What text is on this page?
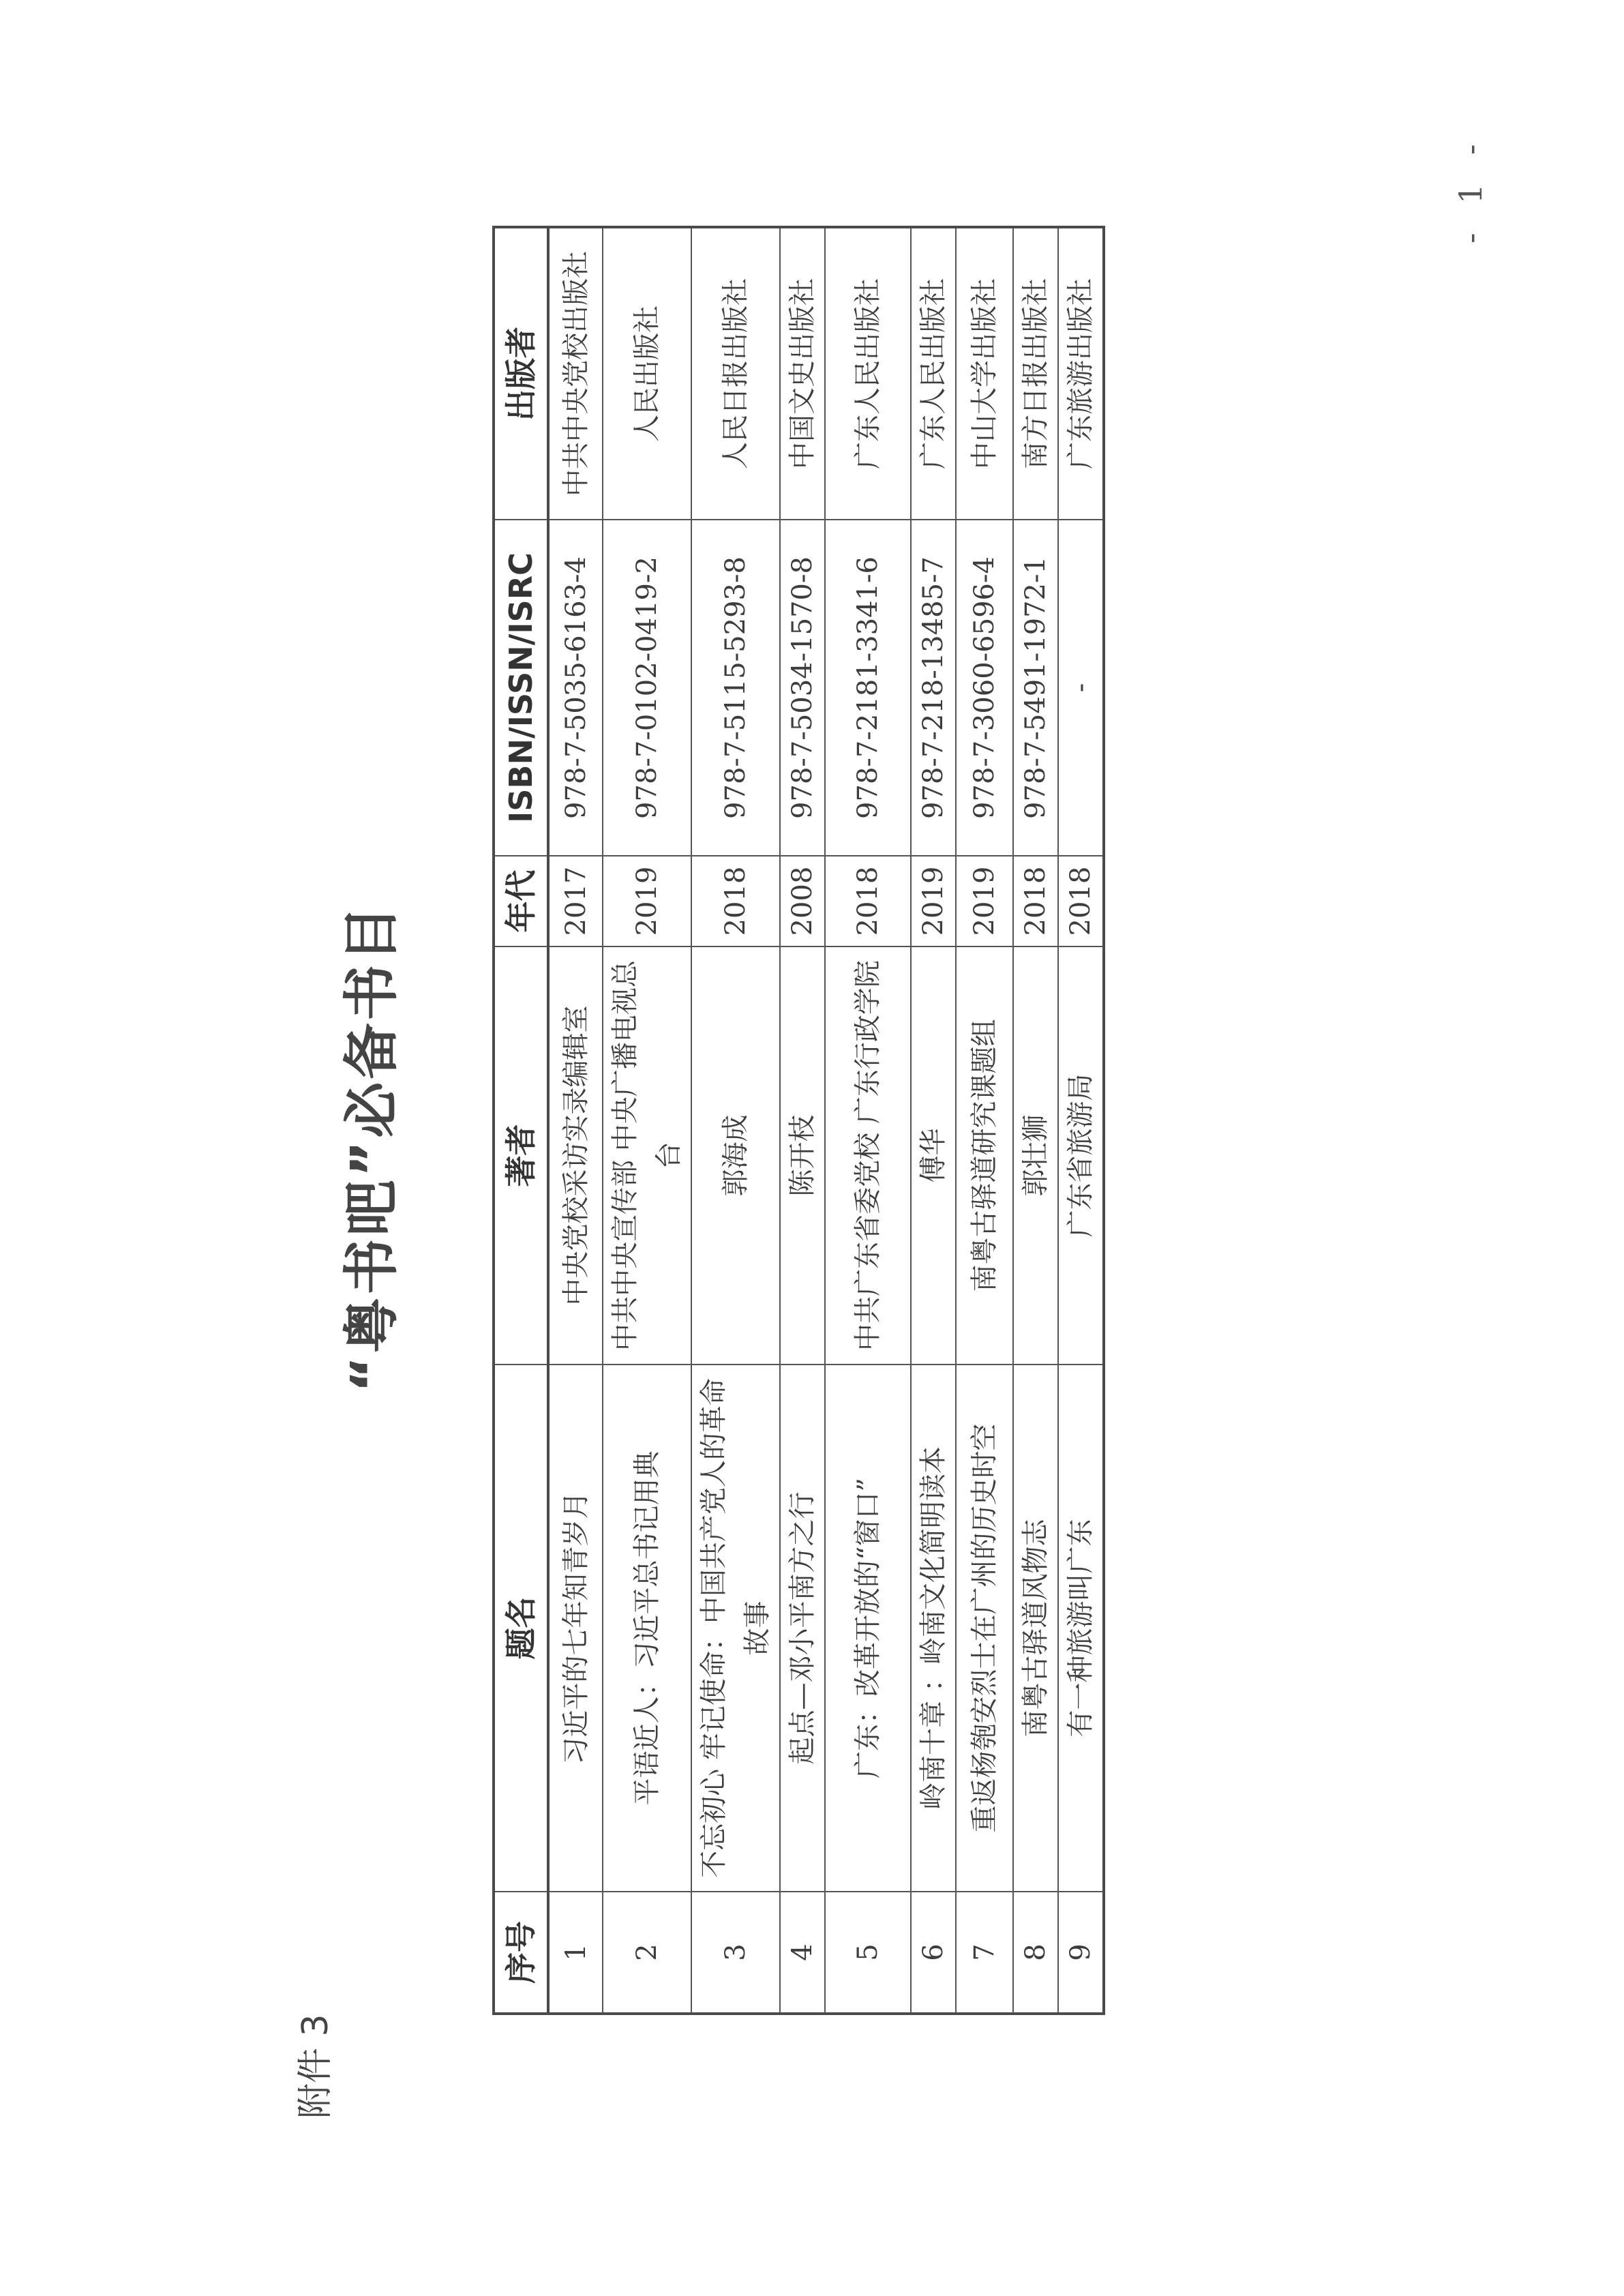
附件 3
“粤书吧”必备书目
序号	题名	著者	年代	ISBN/ISSN/ISRC	出版者
1	习近平的七年知青岁月	中央党校采访实录编辑室	2017	978-7-5035-6163-4	中共中央党校出版社
2	平语近人：习近平总书记用典	中共中央宣传部 中央广播电视总台	2019	978-7-0102-0419-2	人民出版社
3	不忘初心 牢记使命：中国共产党人的革命故事	郭海成	2018	978-7-5115-5293-8	人民日报出版社
4	起点—邓小平南方之行	陈开枝	2008	978-7-5034-1570-8	中国文史出版社
5	广东：改革开放的“窗口”	中共广东省委党校 广东行政学院	2018	978-7-2181-3341-6	广东人民出版社
6	岭南十章 ：岭南文化简明读本	傅华	2019	978-7-218-13485-7	广东人民出版社
7	重返杨匏安烈士在广州的历史时空	南粤古驿道研究课题组	2019	978-7-3060-6596-4	中山大学出版社
8	南粤古驿道风物志	郭壮狮	2018	978-7-5491-1972-1	南方日报出版社
9	有一种旅游叫广东	广东省旅游局	2018	-	广东旅游出版社
- 1 -
